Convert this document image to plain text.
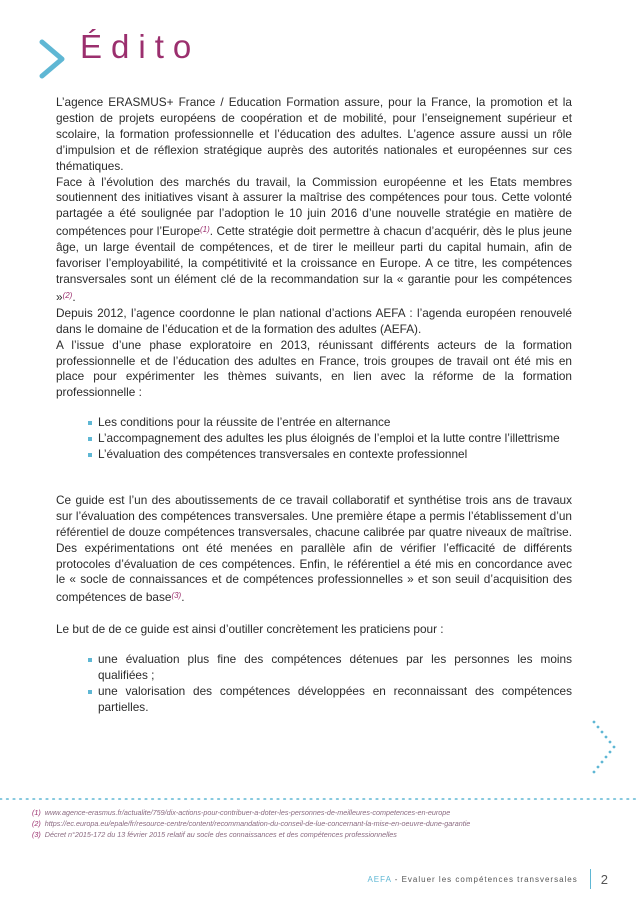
Édito

L’agence ERASMUS+ France / Education Formation assure, pour la France, la promotion et la gestion de projets européens de coopération et de mobilité, pour l’enseignement supérieur et scolaire, la formation professionnelle et l’éducation des adultes. L’agence assure aussi un rôle d’impulsion et de réflexion stratégique auprès des autorités nationales et européennes sur ces thématiques.

Face à l’évolution des marchés du travail, la Commission européenne et les Etats membres soutiennent des initiatives visant à assurer la maîtrise des compétences pour tous. Cette volonté partagée a été soulignée par l’adoption le 10 juin 2016 d’une nouvelle stratégie en matière de compétences pour l’Europe$^{(1)}$. Cette stratégie doit permettre à chacun d’acquérir, dès le plus jeune âge, un large éventail de compétences, et de tirer le meilleur parti du capital humain, afin de favoriser l’employabilité, la compétitivité et la croissance en Europe. A ce titre, les compétences transversales sont un élément clé de la recommandation sur la « garantie pour les compétences »$^{(2)}$.

Depuis 2012, l’agence coordonne le plan national d’actions AEFA : l’agenda européen renouvelé dans le domaine de l’éducation et de la formation des adultes (AEFA).

A l’issue d’une phase exploratoire en 2013, réunissant différents acteurs de la formation professionnelle et de l’éducation des adultes en France, trois groupes de travail ont été mis en place pour expérimenter les thèmes suivants, en lien avec la réforme de la formation professionnelle :

Les conditions pour la réussite de l’entrée en alternance
L’accompagnement des adultes les plus éloignés de l’emploi et la lutte contre l’illettrisme
L’évaluation des compétences transversales en contexte professionnel

Ce guide est l’un des aboutissements de ce travail collaboratif et synthétise trois ans de travaux sur l’évaluation des compétences transversales. Une première étape a permis l’établissement d’un référentiel de douze compétences transversales, chacune calibrée par quatre niveaux de maîtrise. Des expérimentations ont été menées en parallèle afin de vérifier l’efficacité de différents protocoles d’évaluation de ces compétences. Enfin, le référentiel a été mis en concordance avec le « socle de connaissances et de compétences professionnelles » et son seuil d’acquisition des compétences de base$^{(3)}$.

Le but de de ce guide est ainsi d’outiller concrètement les praticiens pour :

une évaluation plus fine des compétences détenues par les personnes les moins qualifiées ;
une valorisation des compétences développées en reconnaissant des compétences partielles.
(1) www.agence-erasmus.fr/actualite/759/dix-actions-pour-contribuer-a-doter-les-personnes-de-meilleures-competences-en-europe
(2) https://ec.europa.eu/epale/fr/resource-centre/content/recommandation-du-conseil-de-lue-concernant-la-mise-en-oeuvre-dune-garantie
(3) Décret n°2015-172 du 13 février 2015 relatif au socle des connaissances et des compétences professionnelles
AEFA - Evaluer les compétences transversales 2
